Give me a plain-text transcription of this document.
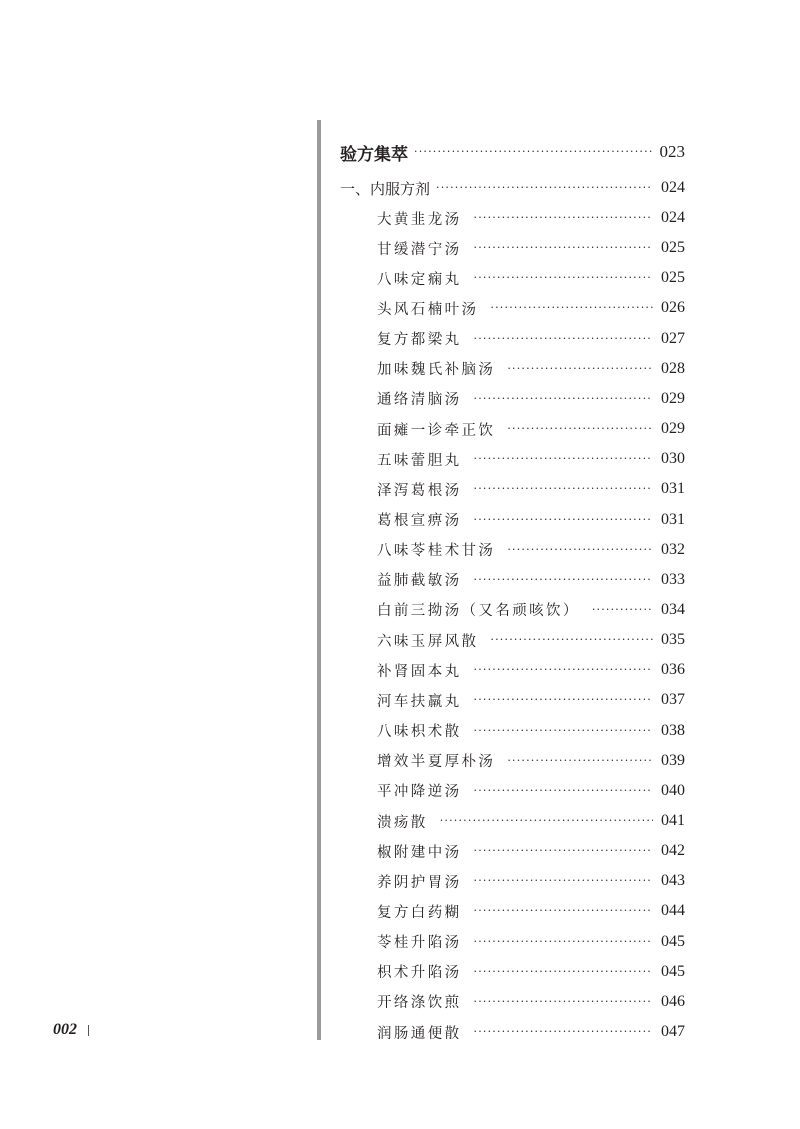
002
验方集萃 ·····	023
一、内服方剂 ·····	024
大黄韭龙汤 ·····	024
甘缓潜宁汤 ·····	025
八味定痫丸 ·····	025
头风石楠叶汤 ·····	026
复方都梁丸 ·····	027
加味魏氏补脑汤 ·····	028
通络清脑汤 ·····	029
面瘫一诊牵正饮 ·····	029
五味蕾胆丸 ·····	030
泽泻葛根汤 ·····	031
葛根宣痹汤 ·····	031
八味苓桂术甘汤 ·····	032
益肺截敏汤 ·····	033
白前三拗汤（又名顽咳饮） ·····	034
六味玉屏风散 ·····	035
补肾固本丸 ·····	036
河车扶羸丸 ·····	037
八味枳术散 ·····	038
增效半夏厚朴汤 ·····	039
平冲降逆汤 ·····	040
溃疡散 ·····	041
椒附建中汤 ·····	042
养阴护胃汤 ·····	043
复方白药糊 ·····	044
苓桂升陷汤 ·····	045
枳术升陷汤 ·····	045
开络涤饮煎 ·····	046
润肠通便散 ·····	047
